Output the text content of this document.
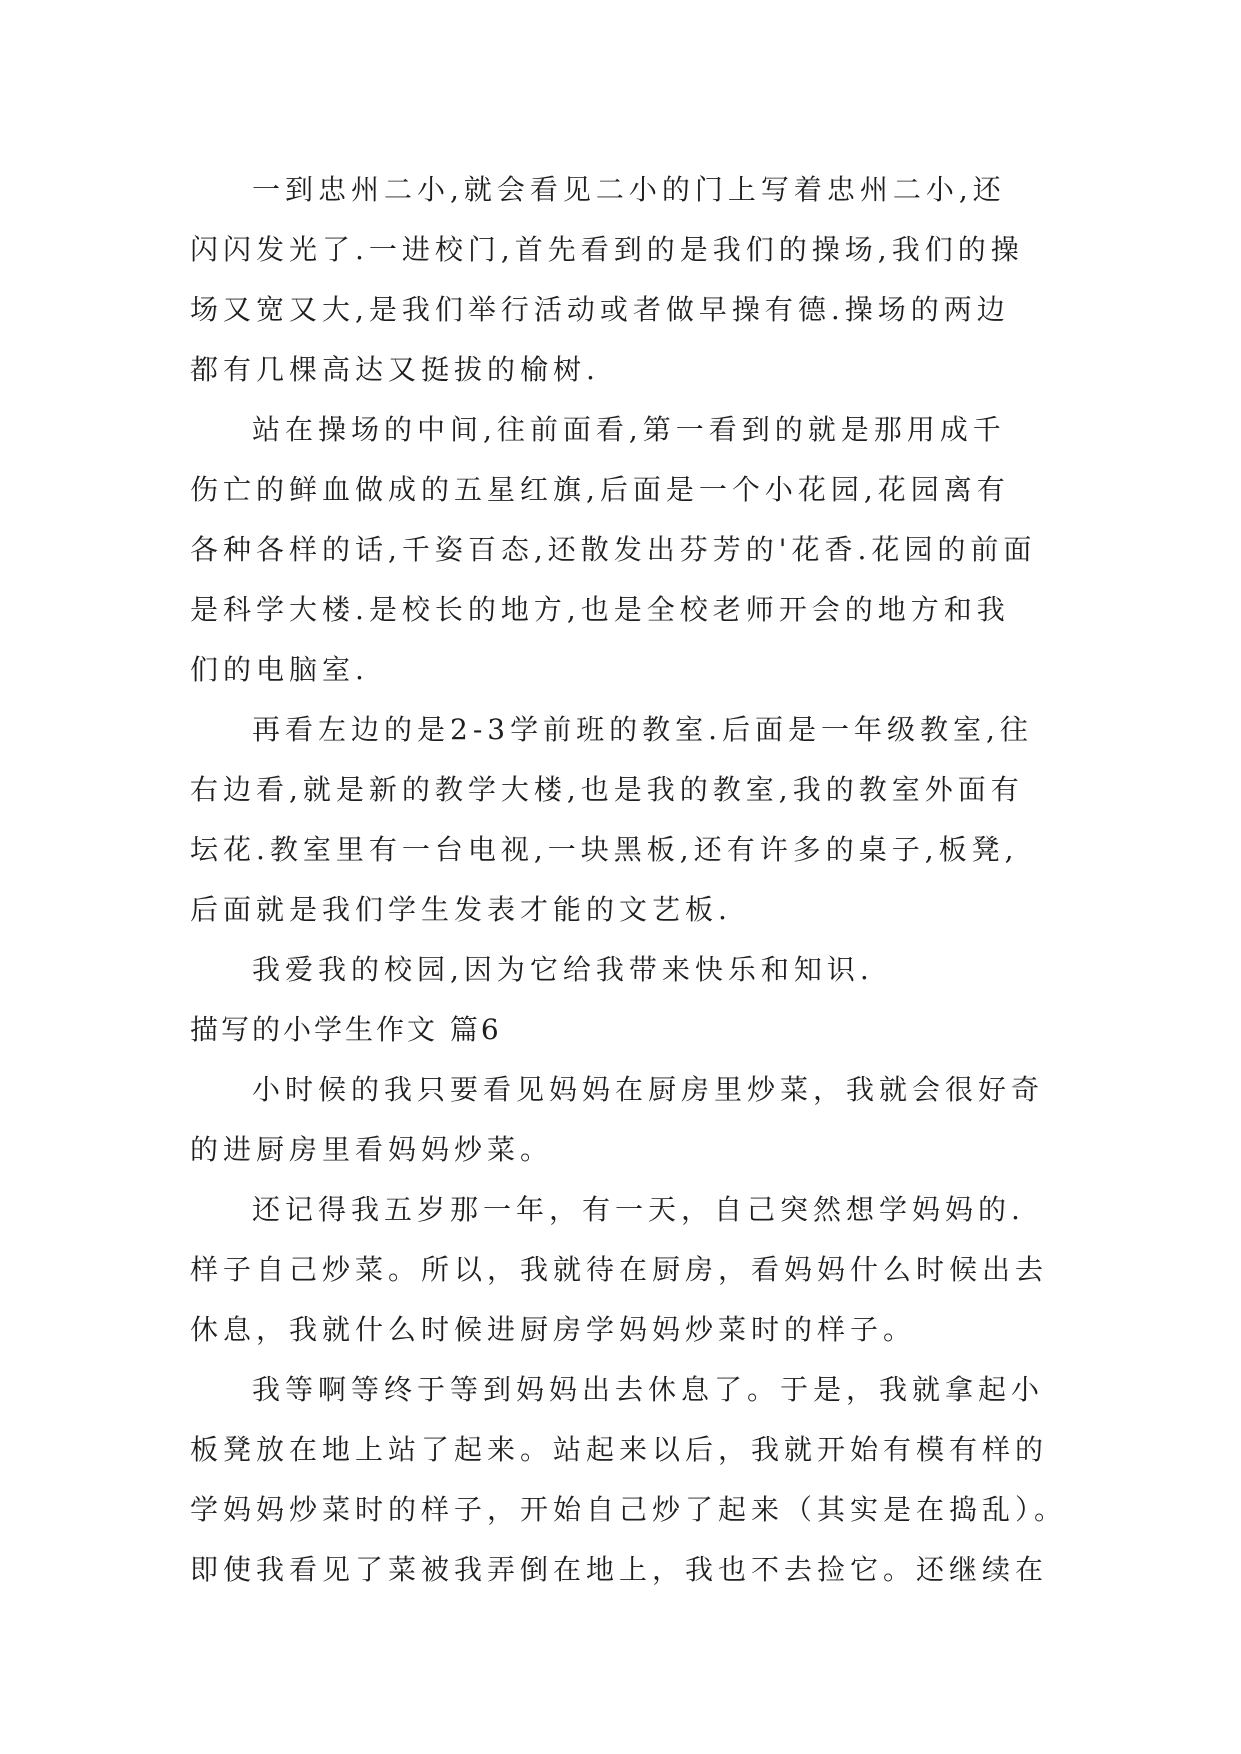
一到忠州二小,就会看见二小的门上写着忠州二小,还
闪闪发光了.一进校门,首先看到的是我们的操场,我们的操
场又宽又大,是我们举行活动或者做早操有德.操场的两边
都有几棵高达又挺拔的榆树.
站在操场的中间,往前面看,第一看到的就是那用成千
伤亡的鲜血做成的五星红旗,后面是一个小花园,花园离有
各种各样的话,千姿百态,还散发出芬芳的'花香.花园的前面
是科学大楼.是校长的地方,也是全校老师开会的地方和我
们的电脑室.
再看左边的是2-3学前班的教室.后面是一年级教室,往
右边看,就是新的教学大楼,也是我的教室,我的教室外面有
坛花.教室里有一台电视,一块黑板,还有许多的桌子,板凳,
后面就是我们学生发表才能的文艺板.
我爱我的校园,因为它给我带来快乐和知识.
描写的小学生作文 篇6
小时候的我只要看见妈妈在厨房里炒菜，我就会很好奇
的进厨房里看妈妈炒菜。
还记得我五岁那一年，有一天，自己突然想学妈妈的.
样子自己炒菜。所以，我就待在厨房，看妈妈什么时候出去
休息，我就什么时候进厨房学妈妈炒菜时的样子。
我等啊等终于等到妈妈出去休息了。于是，我就拿起小
板凳放在地上站了起来。站起来以后，我就开始有模有样的
学妈妈炒菜时的样子，开始自己炒了起来（其实是在捣乱）。
即使我看见了菜被我弄倒在地上，我也不去捡它。还继续在
